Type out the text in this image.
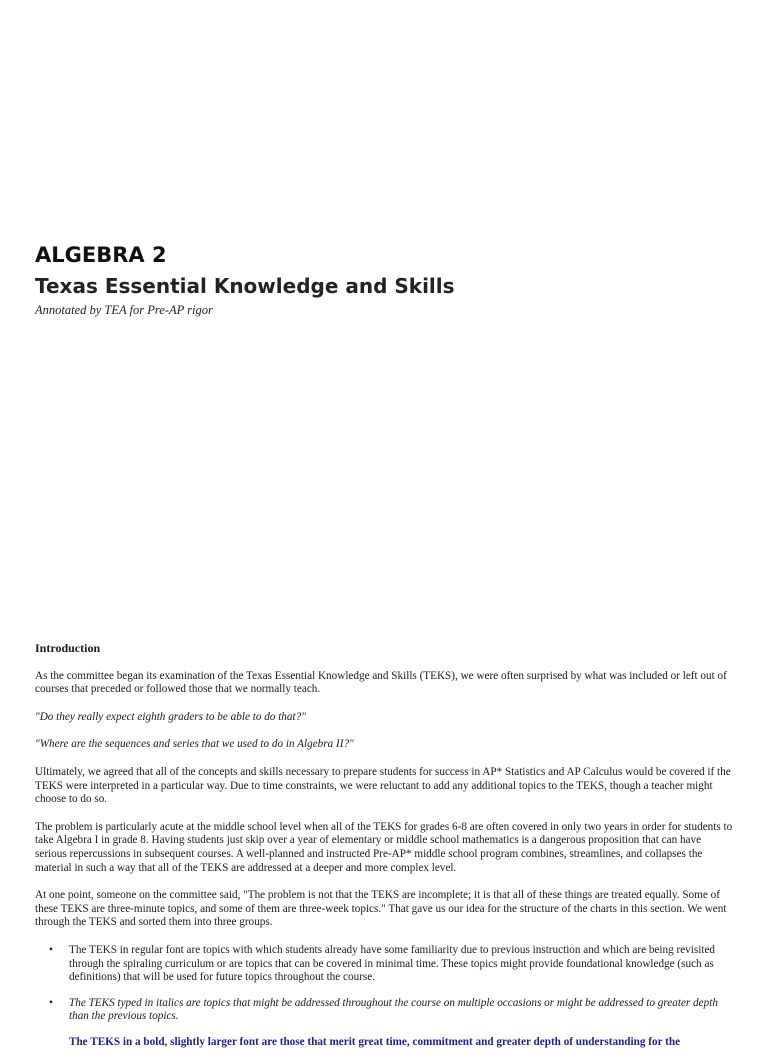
ALGEBRA 2
Texas Essential Knowledge and Skills

Annotated by TEA for Pre-AP rigor

Introduction

As the committee began its examination of the Texas Essential Knowledge and Skills (TEKS), we were often surprised by what was included or left out of courses that preceded or followed those that we normally teach.

"Do they really expect eighth graders to be able to do that?"

"Where are the sequences and series that we used to do in Algebra II?"

Ultimately, we agreed that all of the concepts and skills necessary to prepare students for success in AP* Statistics and AP Calculus would be covered if the TEKS were interpreted in a particular way. Due to time constraints, we were reluctant to add any additional topics to the TEKS, though a teacher might choose to do so.

The problem is particularly acute at the middle school level when all of the TEKS for grades 6-8 are often covered in only two years in order for students to take Algebra I in grade 8. Having students just skip over a year of elementary or middle school mathematics is a dangerous proposition that can have serious repercussions in subsequent courses. A well-planned and instructed Pre-AP* middle school program combines, streamlines, and collapses the material in such a way that all of the TEKS are addressed at a deeper and more complex level.

At one point, someone on the committee said, "The problem is not that the TEKS are incomplete; it is that all of these things are treated equally. Some of these TEKS are three-minute topics, and some of them are three-week topics." That gave us our idea for the structure of the charts in this section. We went through the TEKS and sorted them into three groups.

• The TEKS in regular font are topics with which students already have some familiarity due to previous instruction and which are being revisited through the spiraling curriculum or are topics that can be covered in minimal time. These topics might provide foundational knowledge (such as definitions) that will be used for future topics throughout the course.
• The TEKS typed in italics are topics that might be addressed throughout the course on multiple occasions or might be addressed to greater depth than the previous topics.
The TEKS in a bold, slightly larger font are those that merit great time, commitment and greater depth of understanding for the
